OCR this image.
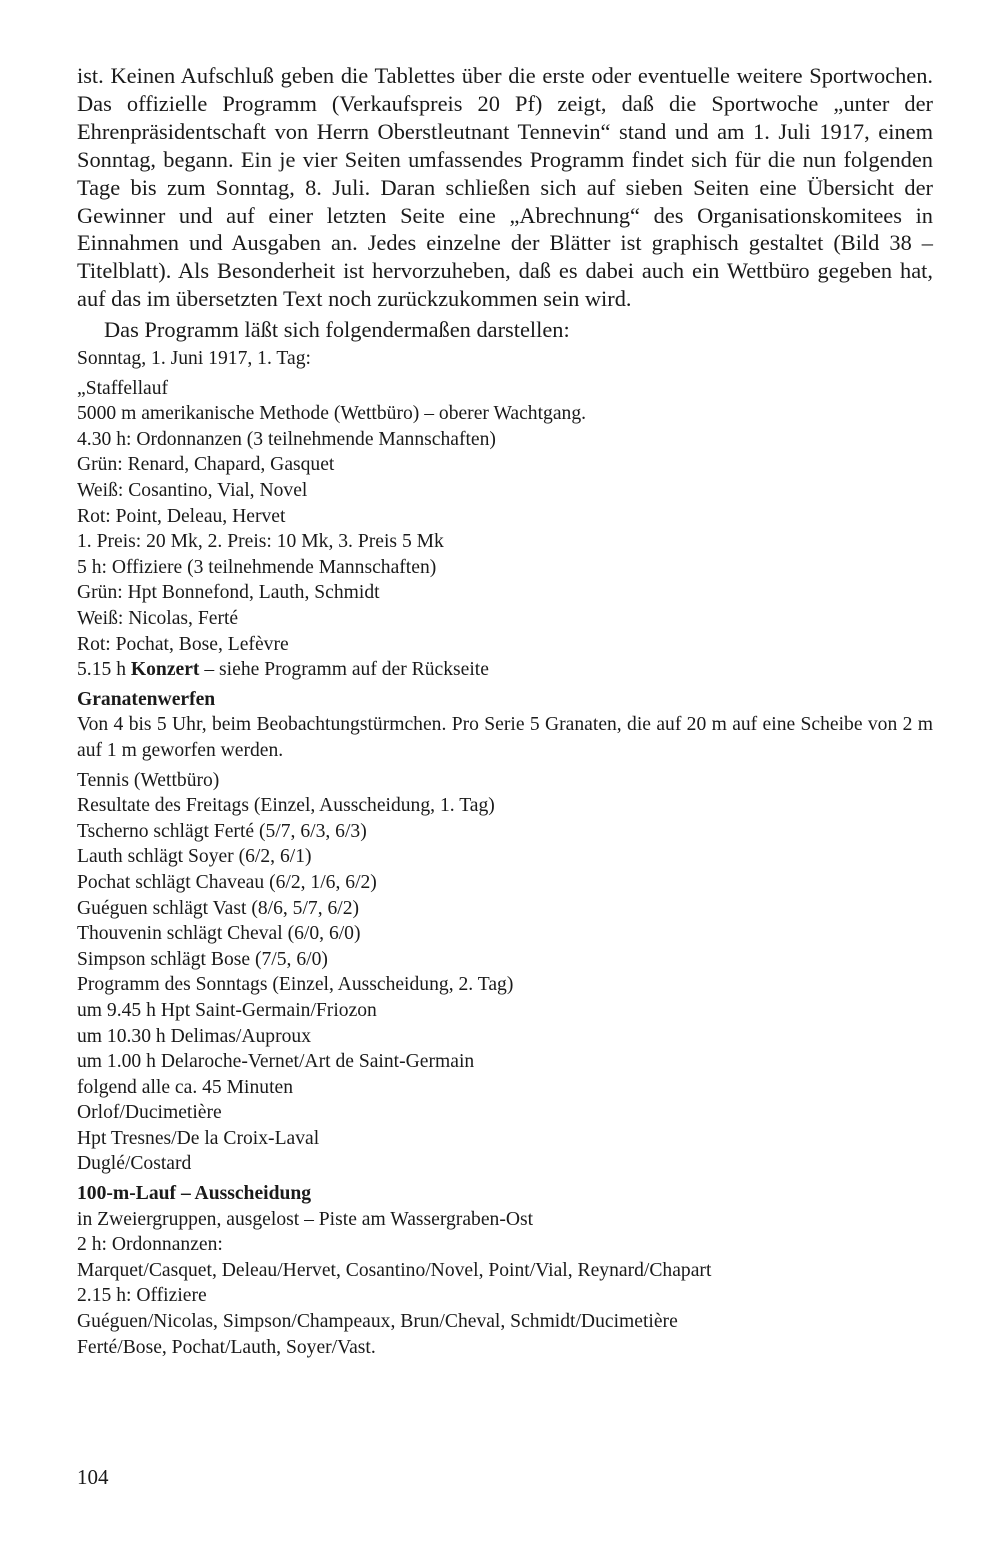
ist. Keinen Aufschluß geben die Tablettes über die erste oder eventuelle weitere Sportwochen. Das offizielle Programm (Verkaufspreis 20 Pf) zeigt, daß die Sportwoche „unter der Ehrenpräsidentschaft von Herrn Oberstleutnant Tennevin“ stand und am 1. Juli 1917, einem Sonntag, begann. Ein je vier Seiten umfassendes Programm findet sich für die nun folgenden Tage bis zum Sonntag, 8. Juli. Daran schließen sich auf sieben Seiten eine Übersicht der Gewinner und auf einer letzten Seite eine „Abrechnung“ des Organisationskomitees in Einnahmen und Ausgaben an. Jedes einzelne der Blätter ist graphisch gestaltet (Bild 38 – Titelblatt). Als Besonderheit ist hervorzuheben, daß es dabei auch ein Wettbüro gegeben hat, auf das im übersetzten Text noch zurückzukommen sein wird.

Das Programm läßt sich folgendermaßen darstellen:

Sonntag, 1. Juni 1917, 1. Tag:

„Staffellauf

5000 m amerikanische Methode (Wettbüro) – oberer Wachtgang.

4.30 h: Ordonnanzen (3 teilnehmende Mannschaften)

Grün: Renard, Chapard, Gasquet

Weiß: Cosantino, Vial, Novel

Rot: Point, Deleau, Hervet

1. Preis: 20 Mk, 2. Preis: 10 Mk, 3. Preis 5 Mk

5 h: Offiziere (3 teilnehmende Mannschaften)

Grün: Hpt Bonnefond, Lauth, Schmidt

Weiß: Nicolas, Ferté

Rot: Pochat, Bose, Lefèvre

5.15 h Konzert – siehe Programm auf der Rückseite

Granatenwerfen

Von 4 bis 5 Uhr, beim Beobachtungstürmchen. Pro Serie 5 Granaten, die auf 20 m auf eine Scheibe von 2 m auf 1 m geworfen werden.

Tennis (Wettbüro)

Resultate des Freitags (Einzel, Ausscheidung, 1. Tag)

Tscherno schlägt Ferté (5/7, 6/3, 6/3)

Lauth schlägt Soyer (6/2, 6/1)

Pochat schlägt Chaveau (6/2, 1/6, 6/2)

Guéguen schlägt Vast (8/6, 5/7, 6/2)

Thouvenin schlägt Cheval (6/0, 6/0)

Simpson schlägt Bose (7/5, 6/0)

Programm des Sonntags (Einzel, Ausscheidung, 2. Tag)

um 9.45 h Hpt Saint-Germain/Friozon

um 10.30 h Delimas/Auproux

um 1.00 h Delaroche-Vernet/Art de Saint-Germain

folgend alle ca. 45 Minuten

Orlof/Ducimetière

Hpt Tresnes/De la Croix-Laval

Duglé/Costard

100-m-Lauf – Ausscheidung

in Zweiergruppen, ausgelost – Piste am Wassergraben-Ost

2 h: Ordonnanzen:

Marquet/Casquet, Deleau/Hervet, Cosantino/Novel, Point/Vial, Reynard/Chapart

2.15 h: Offiziere

Guéguen/Nicolas, Simpson/Champeaux, Brun/Cheval, Schmidt/Ducimetière

Ferté/Bose, Pochat/Lauth, Soyer/Vast.

104
